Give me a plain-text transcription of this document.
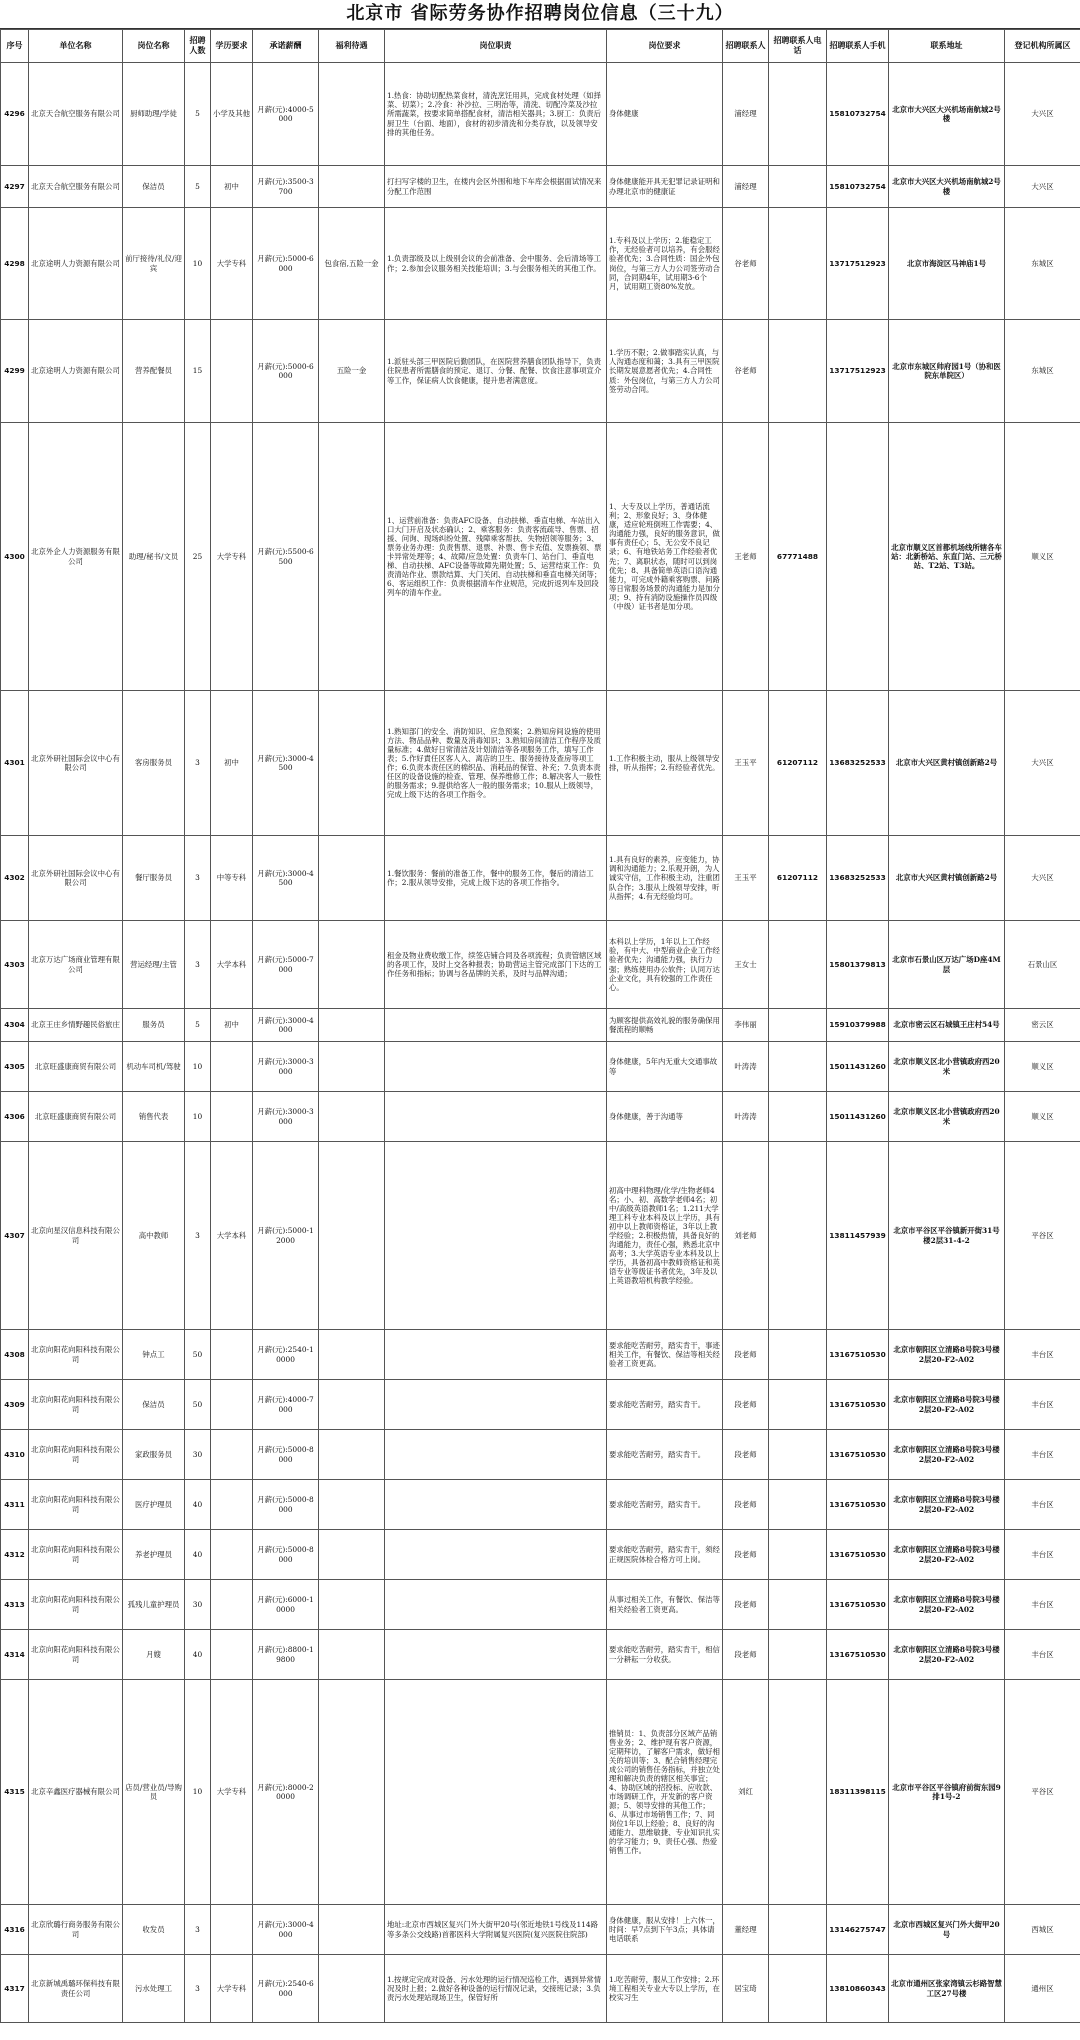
北京市 省际劳务协作招聘岗位信息（三十九）
序号	单位名称	岗位名称	招聘人数	学历要求	承诺薪酬	福利待遇	岗位职责	岗位要求	招聘联系人	招聘联系人电话	招聘联系人手机	联系地址	登记机构所属区
4296	北京天合航空服务有限公司	厨师助理/学徒	5	小学及其他	月薪(元):4000-5000		1.热食：协助切配热菜食材，清洗烹饪用具，完成食材处理（如择菜、切菜）；2.冷食：补沙拉、三明治等，清洗、切配冷菜及沙拉所需蔬菜，按要求简单搭配食材，清洁相关器具；3.厨工：负责后厨卫生（台面、地面），食材的初步清洗和分类存放，以及领导安排的其他任务。	身体健康	浦经理		15810732754	北京市大兴区大兴机场南航城2号楼	大兴区
4297	北京天合航空服务有限公司	保洁员	5	初中	月薪(元):3500-3700		打扫写字楼的卫生，在楼内会区外围和地下车库会根据面试情况来分配工作范围	身体健康能开具无犯罪记录证明和办理北京市的健康证	浦经理		15810732754	北京市大兴区大兴机场南航城2号楼	大兴区
4298	北京途明人力资源有限公司	前厅接待/礼仪/迎宾	10	大学专科	月薪(元):5000-6000	包食宿,五险一金	1.负责部级及以上级别会议的会前准备、会中服务、会后清场等工作；2.参加会议服务相关技能培训；3.与会服务相关的其他工作。	1.专科及以上学历；2.能稳定工作，无经验者可以培养，有会服经验者优先；3.合同性质：国企外包岗位，与第三方人力公司签劳动合同，合同期4年，试用期3-6个月，试用期工资80%发放。	谷老师		13717512923	北京市海淀区马神庙1号	东城区
4299	北京途明人力资源有限公司	营养配餐员	15		月薪(元):5000-6000	五险一金	1.派驻头部三甲医院后勤团队，在医院营养膳食团队指导下，负责住院患者所需膳食的预定、退订、分餐、配餐、饮食注意事项宣介等工作，保证病人饮食健康，提升患者满意度。	1.学历不限；2.做事踏实认真，与人沟通态度和蔼；3.具有三甲医院长期发展意愿者优先；4.合同性质：外包岗位，与第三方人力公司签劳动合同。	谷老师		13717512923	北京市东城区帅府园1号（协和医院东单院区）	东城区
4300	北京外企人力资源服务有限公司	助理/秘书/文员	25	大学专科	月薪(元):5500-6500		1、运营前准备：负责AFC设备、自动扶梯、垂直电梯、车站出入口大门开启及状态确认；2、乘客服务：负责客流疏导、售票、招援、问询、现场纠纷处置、残障乘客帮扶、失物招领等服务；3、票务业务办理：负责售票、退票、补票、售卡充值、发票换领、票卡异常处理等；4、故障/应急处置：负责车门、站台门、垂直电梯、自动扶梯、AFC设备等故障先期处置；5、运营结束工作：负责清站作业、票款结算、大门关闭、自动扶梯和垂直电梯关闭等；6、客运组织工作：负责根据清车作业规范，完成折返列车及回段列车的清车作业。	1、大专及以上学历，普通话流利；2、形象良好；3、身体健康，适应轮班倒班工作需要；4、沟通能力强，良好的服务意识，做事有责任心；5、无公安不良记录；6、有地铁站务工作经验者优先；7、离职状态，随时可以到岗优先；8、具备简单英语口语沟通能力，可完成外籍乘客购票、问路等日常服务场景的沟通能力是加分项；9、持有消防设施操作员四级（中级）证书者是加分项。	王老师	67771488		北京市顺义区首都机场线所辖各车站：北新桥站、东直门站、三元桥站、T2站、T3站。	顺义区
4301	北京外研社国际会议中心有限公司	客房服务员	3	初中	月薪(元):3000-4500		1.熟知部门的安全、消防知识、应急预案；2.熟知房间设施的使用方法、物品品种、数量及消毒知识；3.熟知房间清洁工作程序及质量标准；4.做好日常清洁及计划清洁等各项服务工作，填写工作表；5.作好責任区客人入、离店的卫生、服务接待及查房等项工作；6.负责本责任区的棉织品、消耗品的保管、补充；7.负责本责任区的设备设施的检查、管理、保养维修工作；8.解决客人一般性的服务需求；9.提供给客人一般的服务需求；10.服从上级领导，完成上级下达的各项工作指令。	1.工作积极主动，服从上级领导安排，听从指挥；2.有经验者优先。	王玉平	61207112	13683252533	北京市大兴区黄村镇创新路2号	大兴区
4302	北京外研社国际会议中心有限公司	餐厅服务员	3	中等专科	月薪(元):3000-4500		1.餐饮服务：餐前的准备工作，餐中的服务工作，餐后的清洁工作；2.服从领导安排，完成上级下达的各项工作指令。	1.具有良好的素养，应变能力，协调和沟通能力；2.乐观开朗，为人诚实守信，工作积极主动，注重团队合作；3.服从上级领导安排，听从指挥；4.有无经验均可。	王玉平	61207112	13683252533	北京市大兴区黄村镇创新路2号	大兴区
4303	北京万达广场商业管理有限公司	营运经理/主管	3	大学本科	月薪(元):5000-7000		租金及物业费收缴工作，续签店铺合同及各项流程；负责管辖区域的各项工作，及时上交各种报表；协助营运主管完成部门下达的工作任务和指标；协调与各品牌的关系，及时与品牌沟通；	本科以上学历，1年以上工作经验，有中大、中型商业企业工作经验者优先；沟通能力强，执行力强；熟练使用办公软件；认同万达企业文化，具有较强的工作责任心。	王女士		15801379813	北京市石景山区万达广场D座4M层	石景山区
4304	北京王庄乡情野趣民俗旅庄	服务员	5	初中	月薪(元):3000-4000			为顾客提供高效礼貌的服务确保用餐流程的顺畅	李伟丽		15910379988	北京市密云区石城镇王庄村54号	密云区
4305	北京旺盛康商贸有限公司	机动车司机/驾驶	10		月薪(元):3000-3000			身体健康，5年内无重大交通事故等	叶涛涛		15011431260	北京市顺义区北小营镇政府西20米	顺义区
4306	北京旺盛康商贸有限公司	销售代表	10		月薪(元):3000-3000			身体健康，善于沟通等	叶涛涛		15011431260	北京市顺义区北小营镇政府西20米	顺义区
4307	北京向星汉信息科技有限公司	高中教师	3	大学本科	月薪(元):5000-12000			初高中理科物理/化学/生物老师4名；小、初、高数学老师4名；初中/高级英语教师1名；1.211大学理工科专业本科及以上学历，具有初中以上教师资格证，3年以上教学经验；2.积极热情，具备良好的沟通能力，责任心强，熟悉北京中高考；3.大学英语专业本科及以上学历，具备初高中教师资格证和英语专业等级证书者优先，3年及以上英语教培机构教学经验。	刘老师		13811457939	北京市平谷区平谷镇新开街31号楼2层31-4-2	平谷区
4308	北京向阳花向阳科技有限公司	钟点工	50		月薪(元):2540-10000			要求能吃苦耐劳，踏实肯干，事迹相关工作，有餐饮、保洁等相关经验者工资更高。	段老师		13167510530	北京市朝阳区立清路8号院3号楼2层20-F2-A02	丰台区
4309	北京向阳花向阳科技有限公司	保洁员	50		月薪(元):4000-7000			要求能吃苦耐劳，踏实肯干。	段老师		13167510530	北京市朝阳区立清路8号院3号楼2层20-F2-A02	丰台区
4310	北京向阳花向阳科技有限公司	家政服务员	30		月薪(元):5000-8000			要求能吃苦耐劳，踏实肯干。	段老师		13167510530	北京市朝阳区立清路8号院3号楼2层20-F2-A02	丰台区
4311	北京向阳花向阳科技有限公司	医疗护理员	40		月薪(元):5000-8000			要求能吃苦耐劳，踏实肯干。	段老师		13167510530	北京市朝阳区立清路8号院3号楼2层20-F2-A02	丰台区
4312	北京向阳花向阳科技有限公司	养老护理员	40		月薪(元):5000-8000			要求能吃苦耐劳，踏实肯干，须经正规医院体检合格方可上岗。	段老师		13167510530	北京市朝阳区立清路8号院3号楼2层20-F2-A02	丰台区
4313	北京向阳花向阳科技有限公司	孤残儿童护理员	30		月薪(元):6000-10000			从事过相关工作，有餐饮、保洁等相关经验者工资更高。	段老师		13167510530	北京市朝阳区立清路8号院3号楼2层20-F2-A02	丰台区
4314	北京向阳花向阳科技有限公司	月嫂	40		月薪(元):8800-19800			要求能吃苦耐劳，踏实肯干，相信一分耕耘一分收获。	段老师		13167510530	北京市朝阳区立清路8号院3号楼2层20-F2-A02	丰台区
4315	北京辛鑫医疗器械有限公司	店员/营业员/导购员	10	大学专科	月薪(元):8000-20000			推销员：1、负责部分区域产品销售业务；2、维护现有客户资源，定期拜访，了解客户需求，做好相关的培训等；3、配合销售经理完成公司的销售任务指标，并独立处理和解决负责的辖区相关事宜；4、协助区域的招投标、应收款、市场调研工作，开发新的客户资源；5、领导安排的其他工作；6、从事过市场销售工作；7、同岗位1年以上经验；8、良好的沟通能力、思维敏捷、专业知识扎实的学习能力；9、责任心强、热爱销售工作。	刘红		18311398115	北京市平谷区平谷镇府前街东园9排1号-2	平谷区
4316	北京欣璐行商务服务有限公司	收发员	3		月薪(元):3000-4000		地址:北京市西城区复兴门外大街甲20号(邻近地铁1号线及114路等多条公交线路)首都医科大学附属复兴医院(复兴医院住院部)	身体健康，服从安排！上六休一，时间：早7点到下午3点；具体请电话联系	董经理		13146275747	北京市西城区复兴门外大街甲20号	西城区
4317	北京新城禹璐环保科技有限责任公司	污水处理工	3	大学专科	月薪(元):2540-6000		1.按规定完成对设备、污水处理的运行情况巡检工作，遇到异常情况及时上报；2.做好各种设备的运行情况记录，交接班记录；3.负责污水处理站现场卫生，保管好所	1.吃苦耐劳，服从工作安排；2.环境工程相关专业大专以上学历，在校实习生	居宝琦		13810860343	北京市通州区张家湾镇云杉路智慧工区27号楼	通州区
